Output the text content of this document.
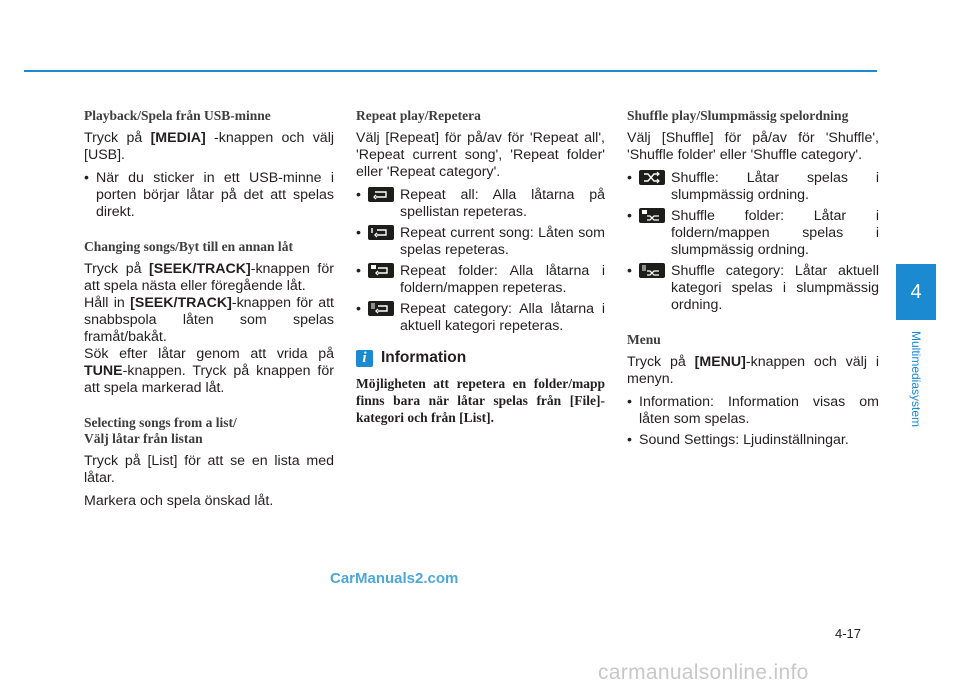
Playback/Spela från USB-minne

Tryck på [MEDIA] -knappen och välj [USB].

• När du sticker in ett USB-minne i porten börjar låtar på det att spelas direkt.
Changing songs/Byt till en annan låt

Tryck på [SEEK/TRACK]-knappen för att spela nästa eller föregående låt.

Håll in [SEEK/TRACK]-knappen för att snabbspola låten som spelas framåt/bakåt.

Sök efter låtar genom att vrida på TUNE-knappen. Tryck på knappen för att spela markerad låt.

Selecting songs from a list/
Välj låtar från listan

Tryck på [List] för att se en lista med låtar.

Markera och spela önskad låt.

Repeat play/Repetera

Välj [Repeat] för på/av för 'Repeat all', 'Repeat current song', 'Repeat folder' eller 'Repeat category'.

• Repeat all: Alla låtarna på spellistan repeteras.
• Repeat current song: Låten som spelas repeteras.
• Repeat folder: Alla låtarna i foldern/mappen repeteras.
• Repeat category: Alla låtarna i aktuell kategori repeteras.
i Information

Möjligheten att repetera en folder/mapp finns bara när låtar spelas från [File]-kategori och från [List].

Shuffle play/Slumpmässig spelordning

Välj [Shuffle] för på/av för 'Shuffle', 'Shuffle folder' eller 'Shuffle category'.

• Shuffle: Låtar spelas i slumpmässig ordning.
• Shuffle folder: Låtar i foldern/mappen spelas i slumpmässig ordning.
• Shuffle category: Låtar aktuell kategori spelas i slumpmässig ordning.
Menu

Tryck på [MENU]-knappen och välj i menyn.

• Information: Information visas om låten som spelas.
• Sound Settings: Ljudinställningar.
4
Multimediasystem
4-17
CarManuals2.com
carmanualsonline.info
